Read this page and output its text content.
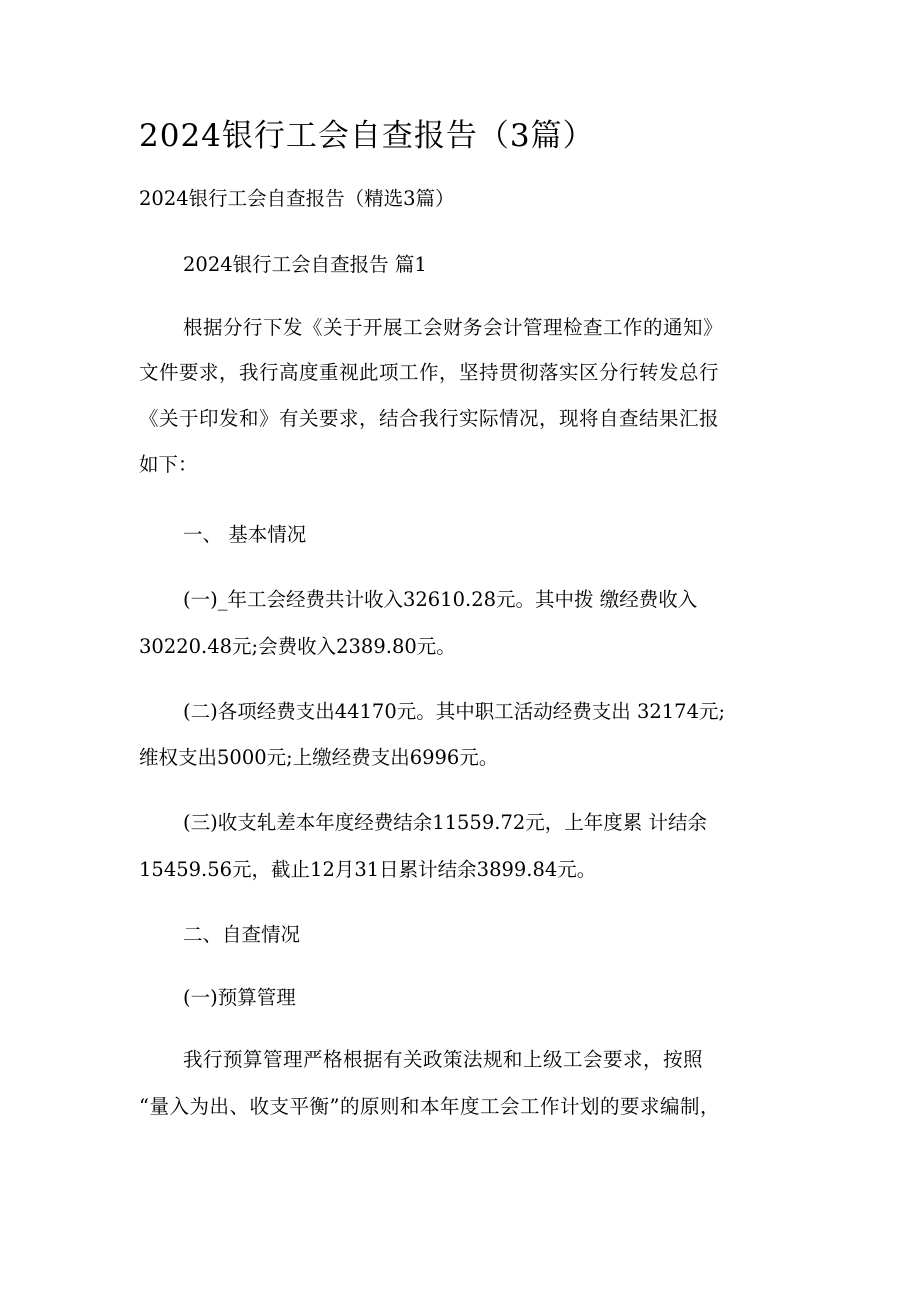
2024银行工会自查报告（3篇）
2024银行工会自查报告（精选3篇）
2024银行工会自查报告 篇1
根据分行下发《关于开展工会财务会计管理检查工作的通知》
文件要求，我行高度重视此项工作，坚持贯彻落实区分行转发总行
《关于印发和》有关要求，结合我行实际情况，现将自查结果汇报
如下：
一、 基本情况
(一)_年工会经费共计收入32610.28元。其中拨 缴经费收入
30220.48元;会费收入2389.80元。
(二)各项经费支出44170元。其中职工活动经费支出 32174元;
维权支出5000元;上缴经费支出6996元。
(三)收支轧差本年度经费结余11559.72元，上年度累 计结余
15459.56元，截止12月31日累计结余3899.84元。
二、自查情况
(一)预算管理
我行预算管理严格根据有关政策法规和上级工会要求，按照
“量入为出、收支平衡”的原则和本年度工会工作计划的要求编制，
